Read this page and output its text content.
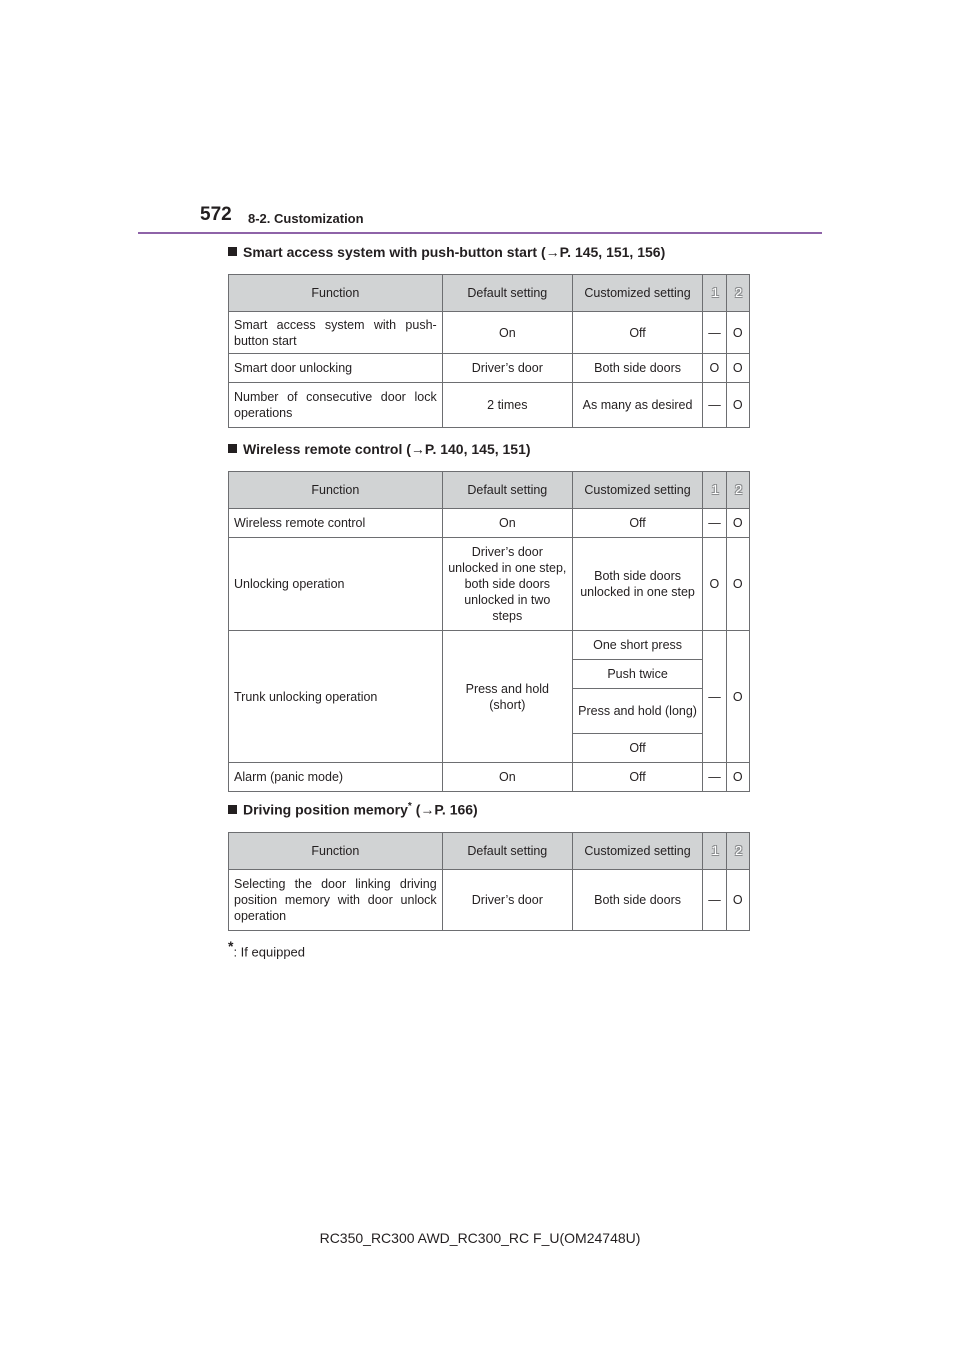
572 8-2. Customization
Smart access system with push-button start (→P. 145, 151, 156)
Function	Default setting	Customized setting	1	2
Smart access system with push-button start	On	Off	—	O
Smart door unlocking	Driver’s door	Both side doors	O	O
Number of consecutive door lock operations	2 times	As many as desired	—	O
Wireless remote control (→P. 140, 145, 151)
Function	Default setting	Customized setting	1	2
Wireless remote control	On	Off	—	O
Unlocking operation	Driver’s door unlocked in one step, both side doors unlocked in two steps	Both side doors unlocked in one step	O	O
Trunk unlocking operation	Press and hold (short)	One short press	—	O
		Push twice		
		Press and hold (long)		
		Off		
Alarm (panic mode)	On	Off	—	O
Driving position memory* (→P. 166)
Function	Default setting	Customized setting	1	2
Selecting the door linking driving position memory with door unlock operation	Driver’s door	Both side doors	—	O
*: If equipped
RC350_RC300 AWD_RC300_RC F_U(OM24748U)
